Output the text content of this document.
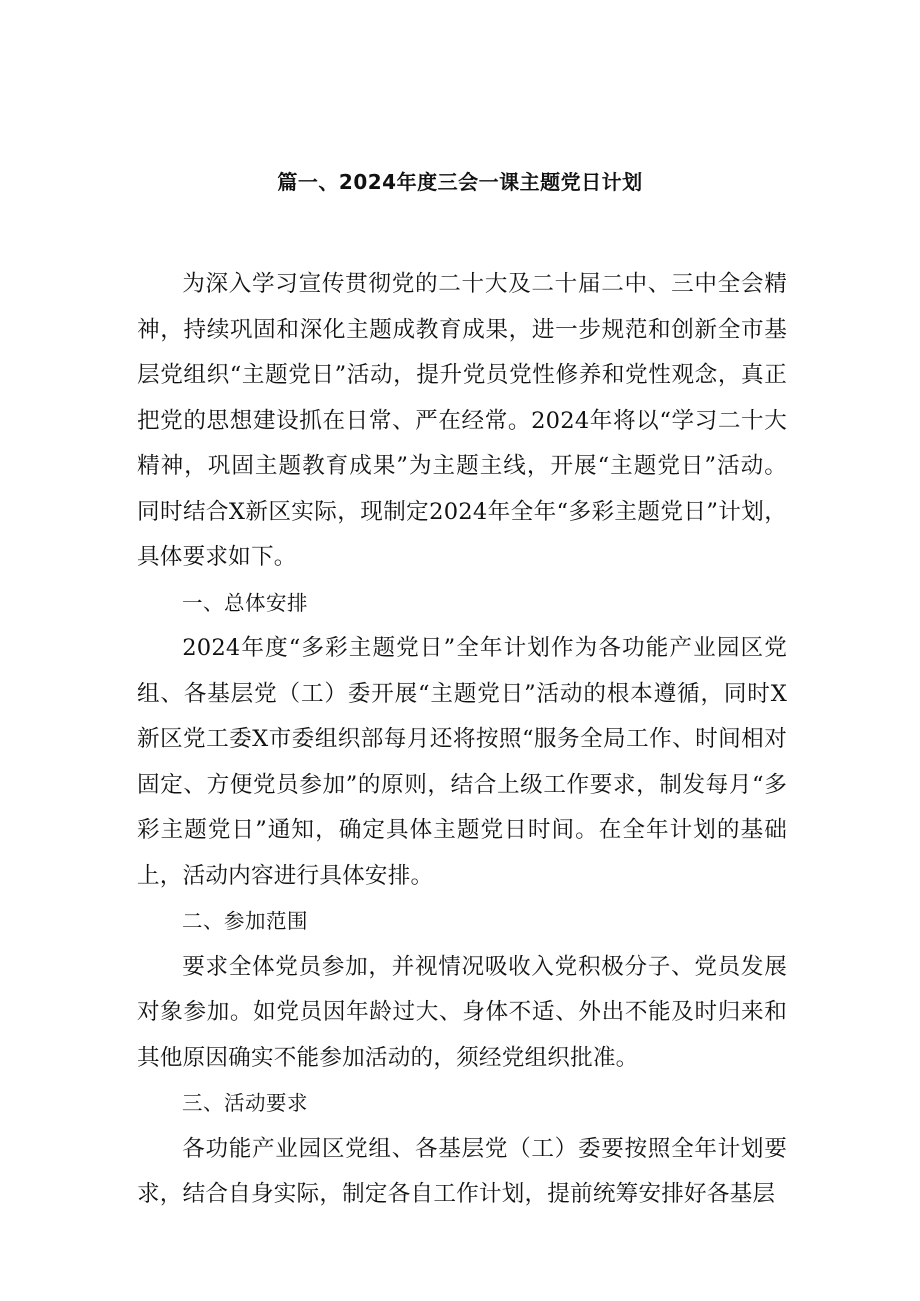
篇一、2024年度三会一课主题党日计划

为深入学习宣传贯彻党的二十大及二十届二中、三中全会精神，持续巩固和深化主题成教育成果，进一步规范和创新全市基层党组织“主题党日”活动，提升党员党性修养和党性观念，真正把党的思想建设抓在日常、严在经常。2024年将以“学习二十大精神，巩固主题教育成果”为主题主线，开展“主题党日”活动。同时结合X新区实际，现制定2024年全年“多彩主题党日”计划，具体要求如下。

一、总体安排

2024年度“多彩主题党日”全年计划作为各功能产业园区党组、各基层党（工）委开展“主题党日”活动的根本遵循，同时X新区党工委X市委组织部每月还将按照“服务全局工作、时间相对固定、方便党员参加”的原则，结合上级工作要求，制发每月“多彩主题党日”通知，确定具体主题党日时间。在全年计划的基础上，活动内容进行具体安排。

二、参加范围

要求全体党员参加，并视情况吸收入党积极分子、党员发展对象参加。如党员因年龄过大、身体不适、外出不能及时归来和其他原因确实不能参加活动的，须经党组织批准。

三、活动要求

各功能产业园区党组、各基层党（工）委要按照全年计划要求，结合自身实际，制定各自工作计划，提前统筹安排好各基层
